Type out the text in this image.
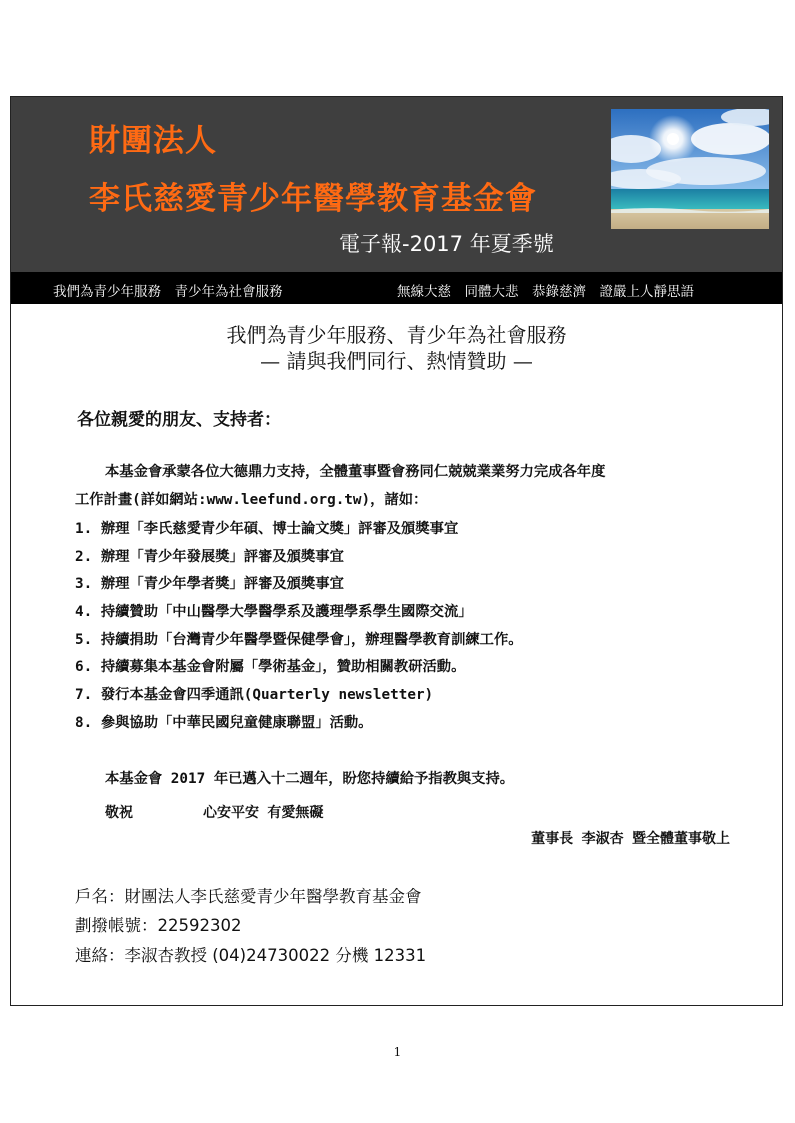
財團法人
李氏慈愛青少年醫學教育基金會
電子報-2017 年夏季號
我們為青少年服務　青少年為社會服務	無線大慈　同體大悲　恭錄慈濟　證嚴上人靜思語
我們為青少年服務、青少年為社會服務
— 請與我們同行、熱情贊助 —
各位親愛的朋友、支持者：
本基金會承蒙各位大德鼎力支持，全體董事暨會務同仁兢兢業業努力完成各年度
工作計畫(詳如網站:www.leefund.org.tw)，諸如：
1. 辦理「李氏慈愛青少年碩、博士論文獎」評審及頒獎事宜
2. 辦理「青少年發展獎」評審及頒獎事宜
3. 辦理「青少年學者獎」評審及頒獎事宜
4. 持續贊助「中山醫學大學醫學系及護理學系學生國際交流」
5. 持續捐助「台灣青少年醫學暨保健學會」，辦理醫學教育訓練工作。
6. 持續募集本基金會附屬「學術基金」，贊助相關教研活動。
7. 發行本基金會四季通訊(Quarterly newsletter)
8. 參與協助「中華民國兒童健康聯盟」活動。
本基金會 2017 年已邁入十二週年，盼您持續給予指教與支持。
敬祝	心安平安 有愛無礙
董事長 李淑杏 暨全體董事敬上
戶名：財團法人李氏慈愛青少年醫學教育基金會
劃撥帳號：22592302
連絡：李淑杏教授 (04)24730022 分機 12331
1
